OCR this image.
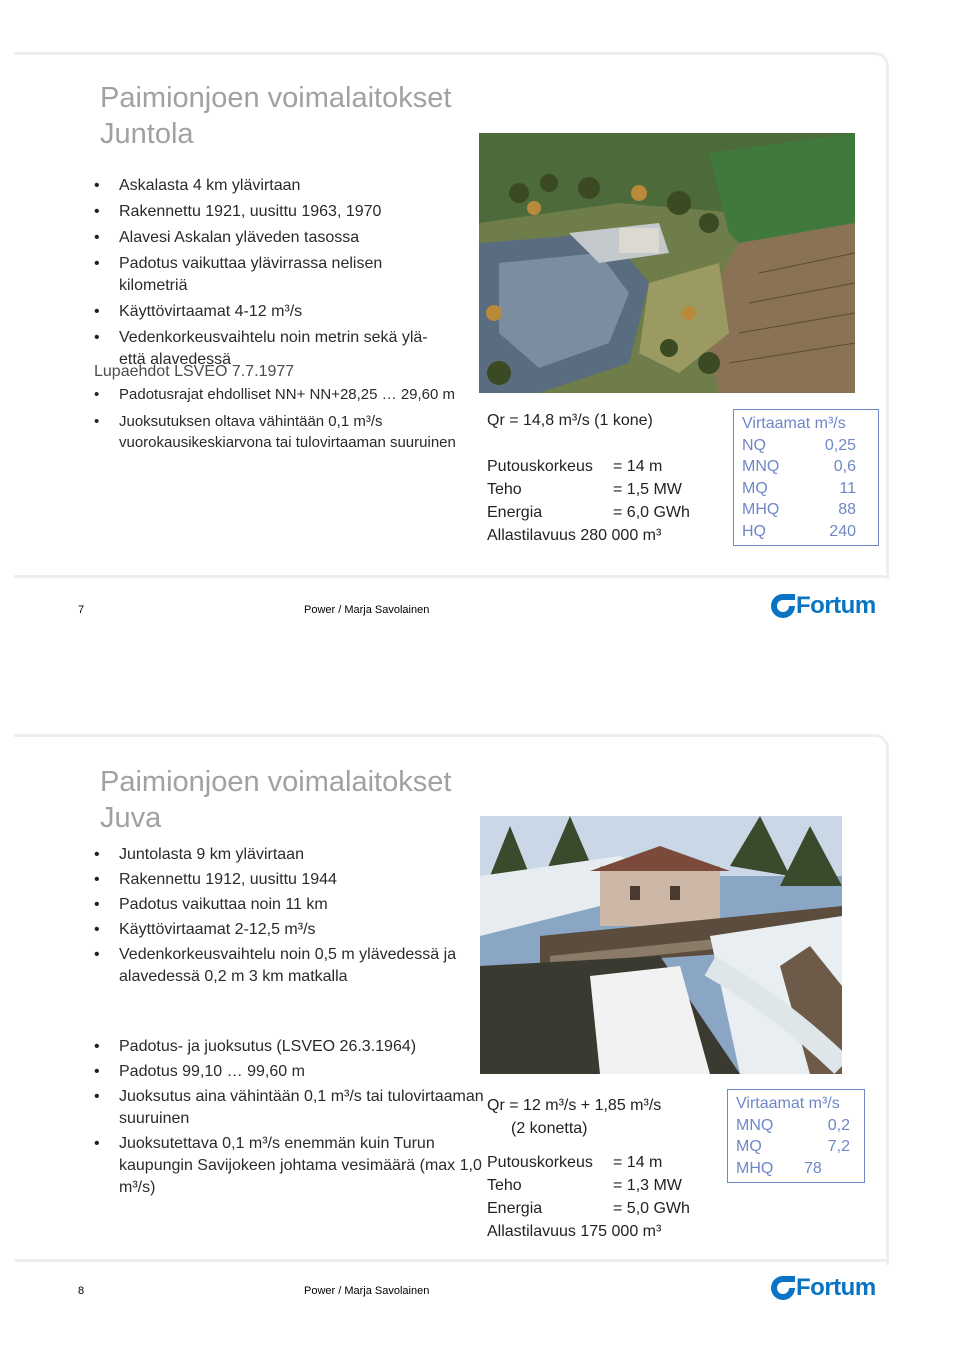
Paimionjoen voimalaitokset
Juntola
• Askalasta 4 km ylävirtaan
• Rakennettu 1921, uusittu 1963, 1970
• Alavesi Askalan yläveden tasossa
• Padotus vaikuttaa ylävirrassa nelisen kilometriä
• Käyttövirtaamat 4-12 m³/s
• Vedenkorkeusvaihtelu noin metrin sekä ylä- että alavedessä
Lupaehdot LSVEO 7.7.1977
• Padotusrajat ehdolliset NN+ NN+28,25 … 29,60 m
• Juoksutuksen oltava vähintään 0,1 m³/s vuorokausikeskiarvona tai tulovirtaaman suuruinen
Qr = 14,8 m³/s (1 kone)
Putouskorkeus	= 14 m
Teho	= 1,5 MW
Energia	= 6,0 GWh
Allastilavuus 280 000 m³
Virtaamat m³/s
NQ	0,25
MNQ	0,6
MQ	11
MHQ	88
HQ	240
7	Power / Marja Savolainen	Fortum
Paimionjoen voimalaitokset
Juva
• Juntolasta 9 km ylävirtaan
• Rakennettu 1912, uusittu 1944
• Padotus vaikuttaa noin 11 km
• Käyttövirtaamat 2-12,5 m³/s
• Vedenkorkeusvaihtelu noin 0,5 m ylävedessä ja alavedessä 0,2 m 3 km matkalla
• Padotus- ja juoksutus (LSVEO 26.3.1964)
• Padotus 99,10 … 99,60 m
• Juoksutus aina vähintään 0,1 m³/s tai tulovirtaaman suuruinen
• Juoksutettava 0,1 m³/s enemmän kuin Turun kaupungin Savijokeen johtama vesimäärä (max 1,0 m³/s)
Qr = 12 m³/s + 1,85 m³/s
(2 konetta)
Putouskorkeus	= 14 m
Teho	= 1,3 MW
Energia	= 5,0 GWh
Allastilavuus 175 000 m³
Virtaamat m³/s
MNQ	0,2
MQ	7,2
MHQ	78
8	Power / Marja Savolainen	Fortum
